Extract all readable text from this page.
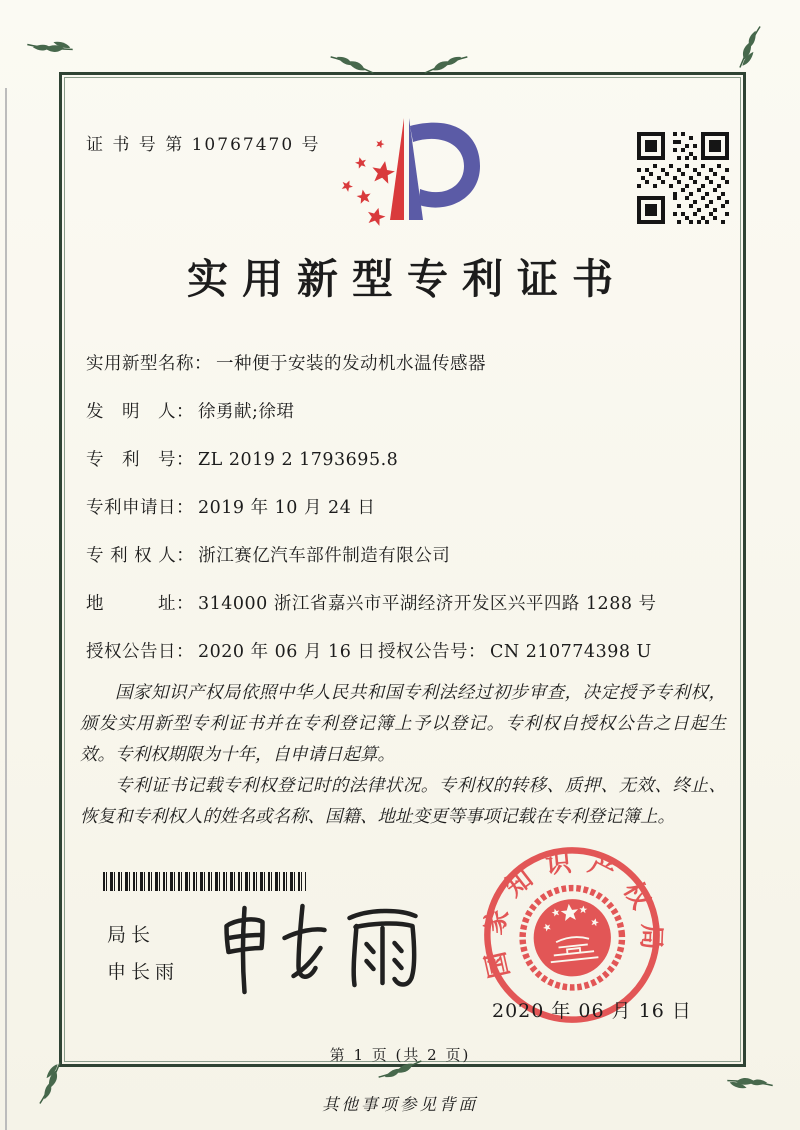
证 书 号 第 10767470 号
实用新型专利证书
实用新型名称： 一种便于安装的发动机水温传感器
发　明　人： 徐勇献;徐珺
专　利　号： ZL 2019 2 1793695.8
专利申请日： 2019 年 10 月 24 日
专 利 权 人： 浙江赛亿汽车部件制造有限公司
地　　　址： 314000 浙江省嘉兴市平湖经济开发区兴平四路 1288 号
授权公告日： 2020 年 06 月 16 日 授权公告号： CN 210774398 U

国家知识产权局依照中华人民共和国专利法经过初步审查，决定授予专利权，颁发实用新型专利证书并在专利登记簿上予以登记。专利权自授权公告之日起生效。专利权期限为十年，自申请日起算。

专利证书记载专利权登记时的法律状况。专利权的转移、质押、无效、终止、恢复和专利权人的姓名或名称、国籍、地址变更等事项记载在专利登记簿上。

局长
申长雨	国家知识产权局
2020 年 06 月 16 日
第 1 页 (共 2 页)
其他事项参见背面
